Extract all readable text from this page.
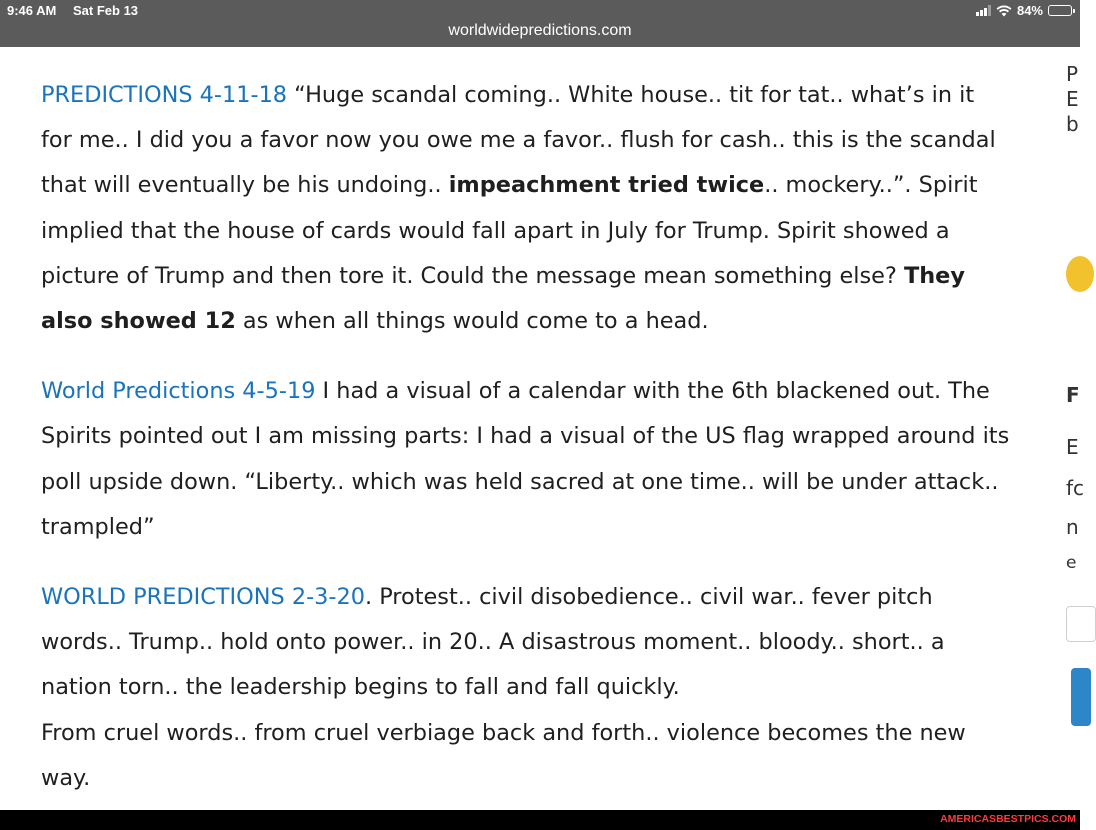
9:46 AM Sat Feb 13	84%
worldwidepredictions.com

PREDICTIONS 4-11-18 “Huge scandal coming.. White house.. tit for tat.. what’s in it for me.. I did you a favor now you owe me a favor.. flush for cash.. this is the scandal that will eventually be his undoing.. impeachment tried twice.. mockery..”. Spirit implied that the house of cards would fall apart in July for Trump. Spirit showed a picture of Trump and then tore it. Could the message mean something else? They also showed 12 as when all things would come to a head.

World Predictions 4-5-19 I had a visual of a calendar with the 6th blackened out. The Spirits pointed out I am missing parts: I had a visual of the US flag wrapped around its poll upside down. “Liberty.. which was held sacred at one time.. will be under attack.. trampled”

WORLD PREDICTIONS 2-3-20. Protest.. civil disobedience.. civil war.. fever pitch words.. Trump.. hold onto power.. in 20.. A disastrous moment.. bloody.. short.. a nation torn.. the leadership begins to fall and fall quickly.
From cruel words.. from cruel verbiage back and forth.. violence becomes the new way.

P
E
b
F
E
fc
n
e
AMERICASBESTPICS.COM
